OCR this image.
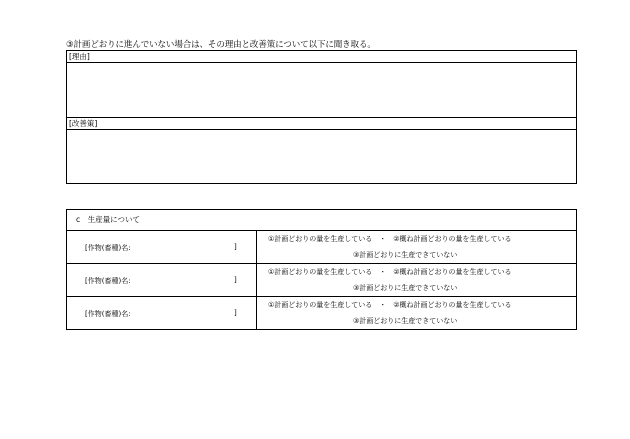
③計画どおりに進んでいない場合は、その理由と改善策について以下に聞き取る。
[理由]
[改善策]
c　生産量について
[作物(畜種)名:	]
①計画どおりの量を生産している　・　②概ね計画どおりの量を生産している
③計画どおりに生産できていない
[作物(畜種)名:	]
①計画どおりの量を生産している　・　②概ね計画どおりの量を生産している
③計画どおりに生産できていない
[作物(畜種)名:	]
①計画どおりの量を生産している　・　②概ね計画どおりの量を生産している
③計画どおりに生産できていない
